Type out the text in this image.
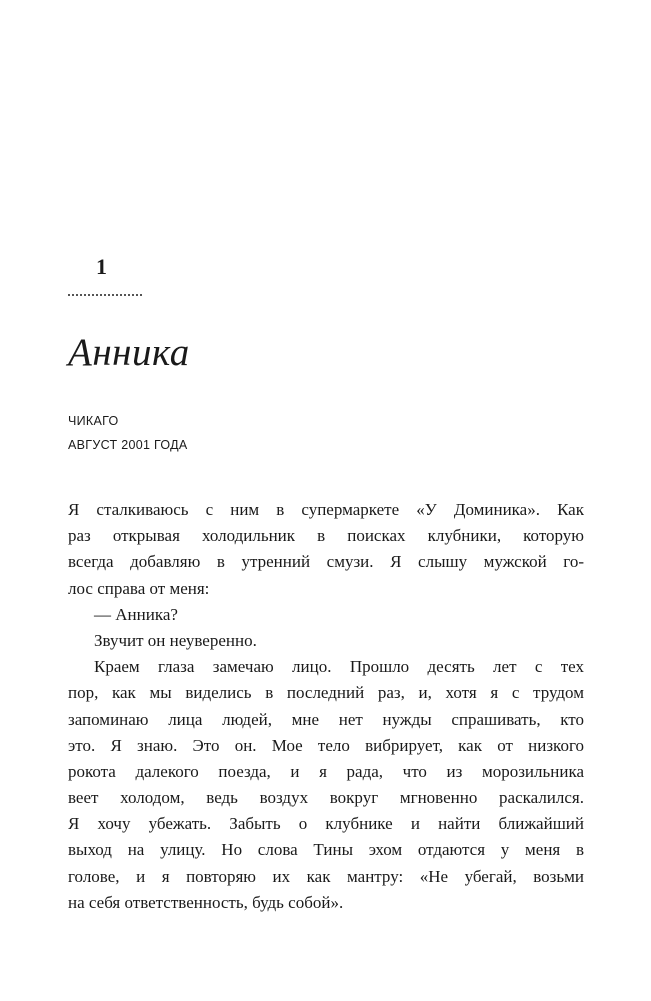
1
Анника
ЧИКАГО
АВГУСТ 2001 ГОДА
Я сталкиваюсь с ним в супермаркете «У Доминика». Как
раз открывая холодильник в поисках клубники, которую
всегда добавляю в утренний смузи. Я слышу мужской го-
лос справа от меня:
— Анника?
Звучит он неуверенно.
Краем глаза замечаю лицо. Прошло десять лет с тех
пор, как мы виделись в последний раз, и, хотя я с трудом
запоминаю лица людей, мне нет нужды спрашивать, кто
это. Я знаю. Это он. Мое тело вибрирует, как от низкого
рокота далекого поезда, и я рада, что из морозильника
веет холодом, ведь воздух вокруг мгновенно раскалился.
Я хочу убежать. Забыть о клубнике и найти ближайший
выход на улицу. Но слова Тины эхом отдаются у меня в
голове, и я повторяю их как мантру: «Не убегай, возьми
на себя ответственность, будь собой».
